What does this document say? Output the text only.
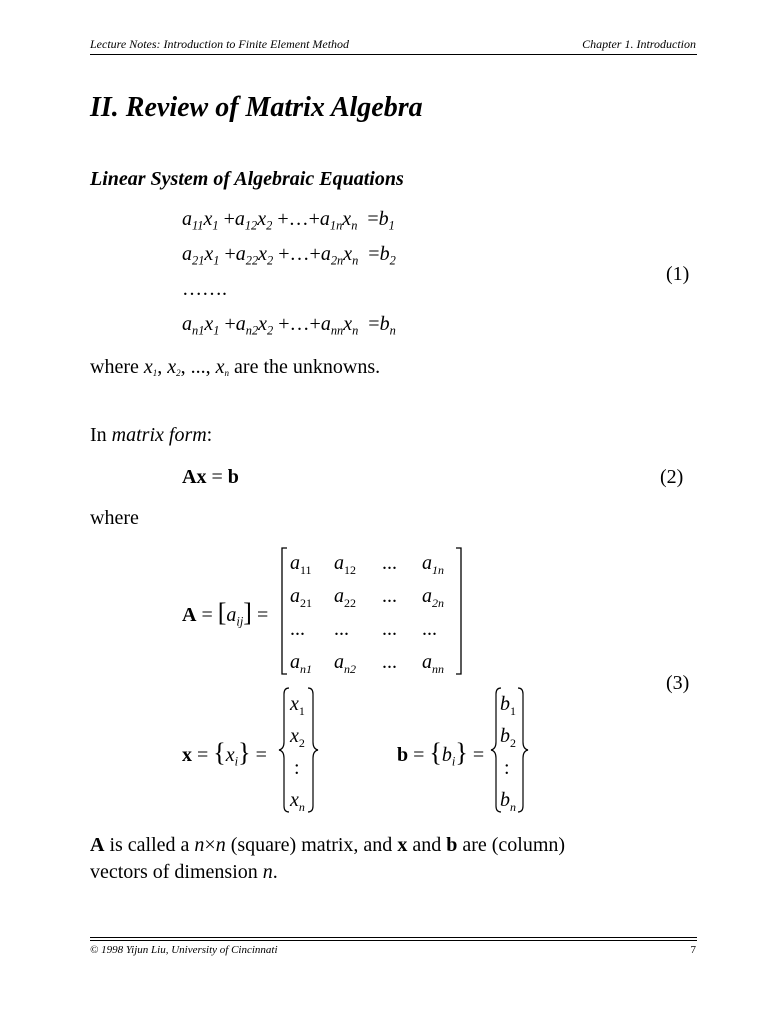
Lecture Notes: Introduction to Finite Element Method	Chapter 1. Introduction
II. Review of Matrix Algebra
Linear System of Algebraic Equations
$a_{11}x_1 +a_{12}x_2$ $+\dots+a_{1n}x_n =b_1$
$a_{21}x_1 +a_{22}x_2$ $+\dots+a_{2n}x_n =b_2$
…….
$a_{n1}x_1 +a_{n2}x_2$ $+\dots+a_{nn}x_n =b_n$
(1)
where $x_1$, $x_2$, ..., $x_n$ are the unknowns.
In matrix form:
Ax = b	(2)
where
$A = [a_{ij}]$ =
$a_{11}$ $a_{12}$ ... $a_{1n}$
$a_{21}$ $a_{22}$ ... $a_{2n}$
... ... ... ...
$a_{n1}$ $a_{n2}$ ... $a_{nn}$
(3)
$x = \{x_i\}$ =
$x_1$
$x_2$
:
$x_n$
$b = \{b_i\}$ =
$b_1$
$b_2$
:
$b_n$
A is called a n×n (square) matrix, and x and b are (column)
vectors of dimension n.
© 1998 Yijun Liu, University of Cincinnati	7
